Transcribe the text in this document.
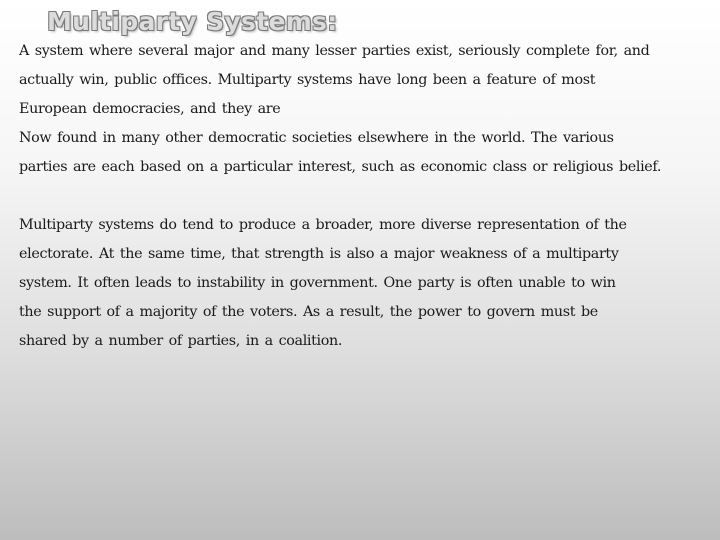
Multiparty Systems:

A system where several major and many lesser parties exist, seriously complete for, and
actually win, public offices. Multiparty systems have long been a feature of most
European democracies, and they are
Now found in many other democratic societies elsewhere in the world. The various
parties are each based on a particular interest, such as economic class or religious belief.

Multiparty systems do tend to produce a broader, more diverse representation of the
electorate. At the same time, that strength is also a major weakness of a multiparty
system. It often leads to instability in government. One party is often unable to win
the support of a majority of the voters. As a result, the power to govern must be
shared by a number of parties, in a coalition.
